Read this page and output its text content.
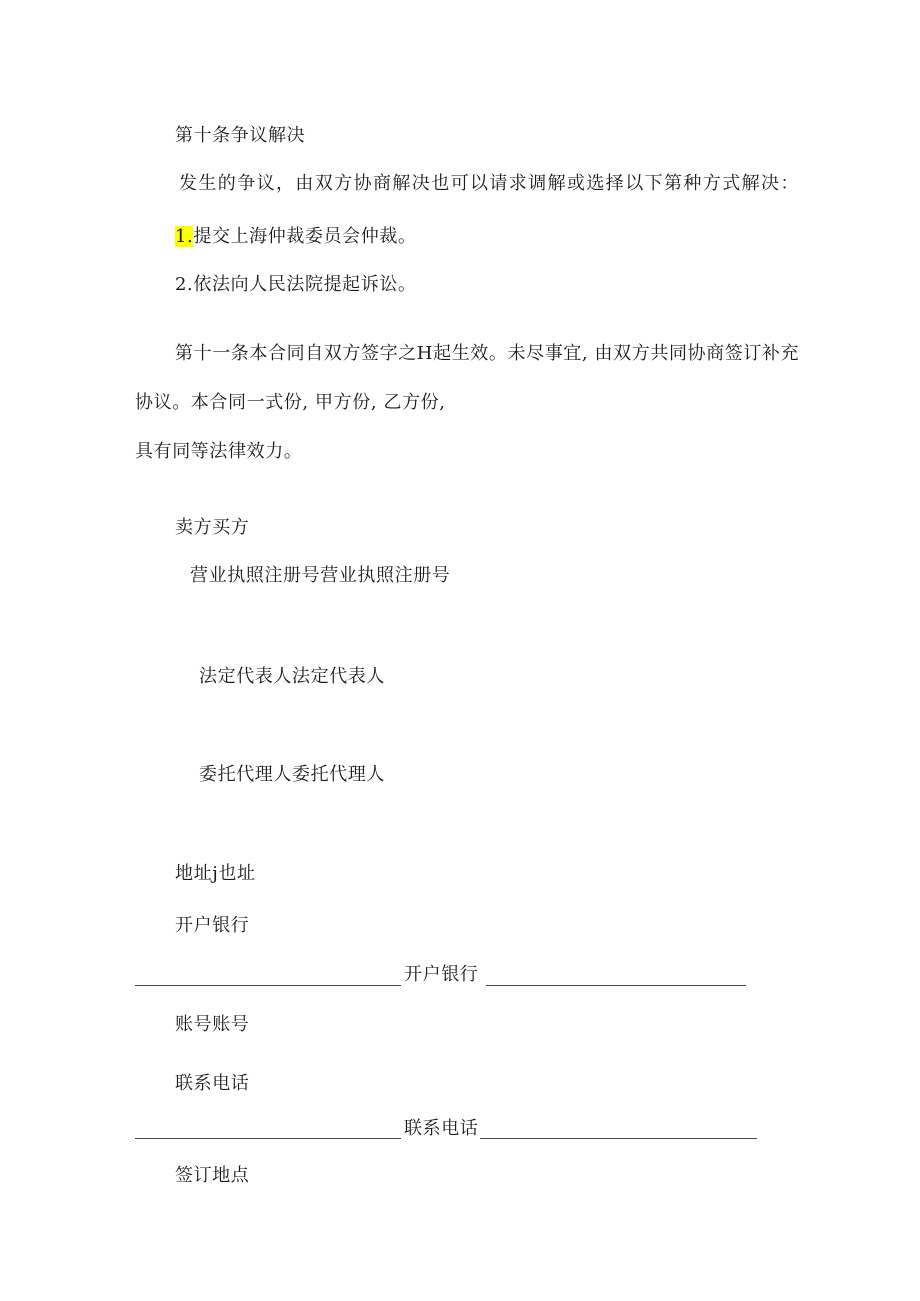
第十条争议解决
发生的争议，由双方协商解决也可以请求调解或选择以下第种方式解决：
1.提交上海仲裁委员会仲裁。
2.依法向人民法院提起诉讼。
第十一条本合同自双方签字之H起生效。未尽事宜, 由双方共同协商签订补充
协议。本合同一式份, 甲方份, 乙方份,
具有同等法律效力。
卖方买方
营业执照注册号营业执照注册号
法定代表人法定代表人
委托代理人委托代理人
地址j也址
开户银行
开户银行
账号账号
联系电话
联系电话
签订地点
